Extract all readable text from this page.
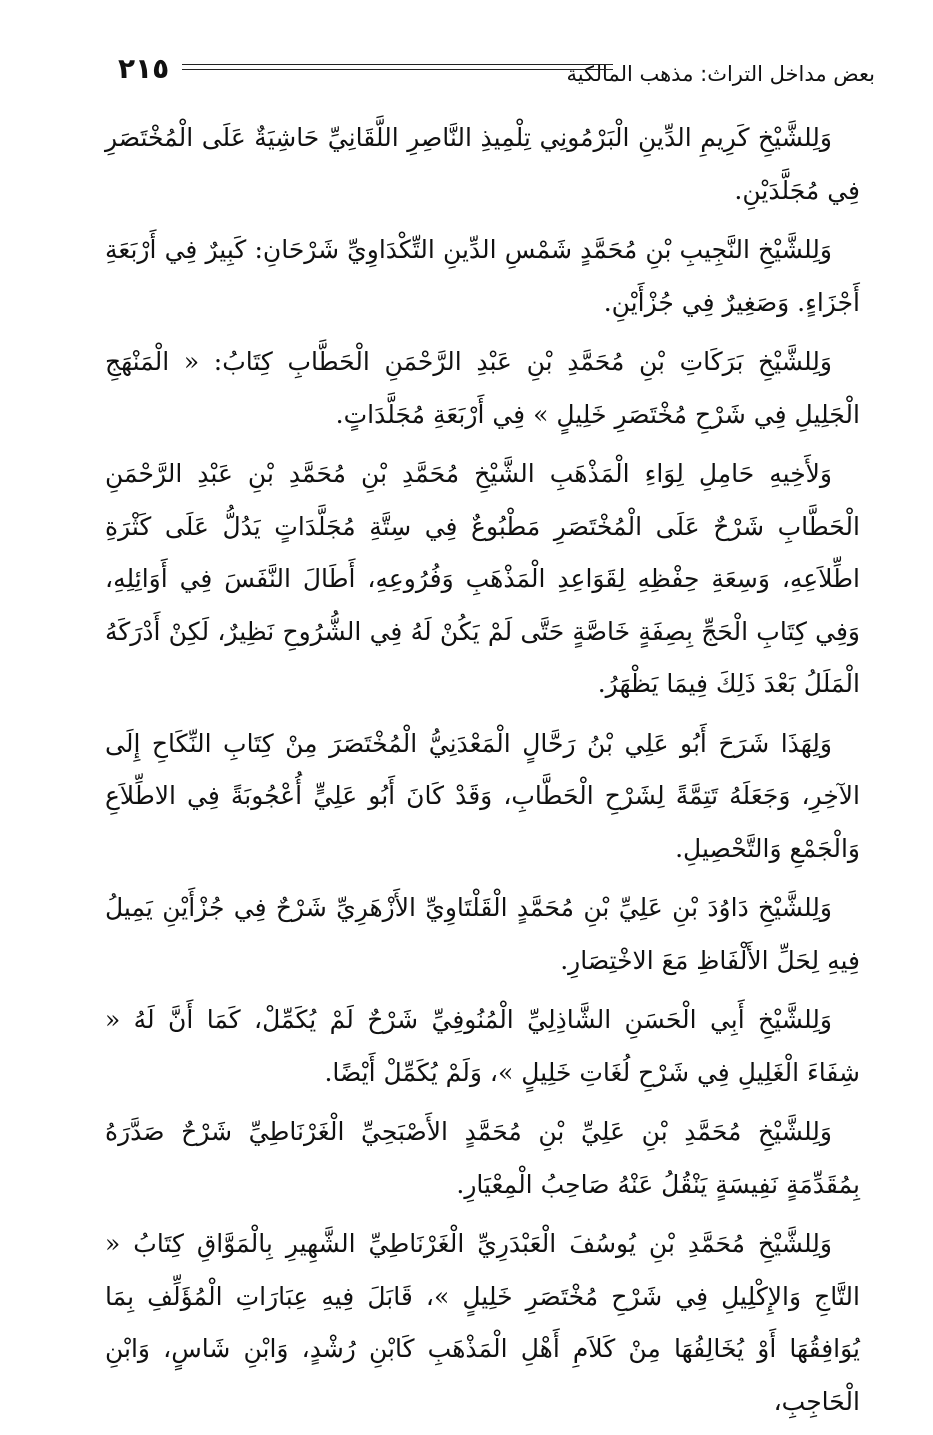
بعض مداخل التراث: مذهب المالكية
٢١٥

وَلِلشَّيْخِ كَرِيمِ الدِّينِ الْبَرْمُونِي تِلْمِيذِ النَّاصِرِ اللَّقَانِيِّ حَاشِيَةٌ عَلَى الْمُخْتَصَرِ فِي مُجَلَّدَيْنِ.

وَلِلشَّيْخِ النَّجِيبِ بْنِ مُحَمَّدٍ شَمْسِ الدِّينِ التِّكْدَاوِيِّ شَرْحَانِ: كَبِيرٌ فِي أَرْبَعَةِ أَجْزَاءٍ. وَصَغِيرٌ فِي جُزْأَيْنِ.

وَلِلشَّيْخِ بَرَكَاتِ بْنِ مُحَمَّدِ بْنِ عَبْدِ الرَّحْمَنِ الْحَطَّابِ كِتَابُ: « الْمَنْهَجِ الْجَلِيلِ فِي شَرْحِ مُخْتَصَرِ خَلِيلٍ » فِي أَرْبَعَةِ مُجَلَّدَاتٍ.

وَلأَخِيهِ حَامِلِ لِوَاءِ الْمَذْهَبِ الشَّيْخِ مُحَمَّدِ بْنِ مُحَمَّدِ بْنِ عَبْدِ الرَّحْمَنِ الْحَطَّابِ شَرْحٌ عَلَى الْمُخْتَصَرِ مَطْبُوعٌ فِي سِتَّةِ مُجَلَّدَاتٍ يَدُلُّ عَلَى كَثْرَةِ اطِّلاَعِهِ، وَسِعَةِ حِفْظِهِ لِقَوَاعِدِ الْمَذْهَبِ وَفُرُوعِهِ، أَطَالَ النَّفَسَ فِي أَوَائِلِهِ، وَفِي كِتَابِ الْحَجِّ بِصِفَةٍ خَاصَّةٍ حَتَّى لَمْ يَكُنْ لَهُ فِي الشُّرُوحِ نَظِيرٌ، لَكِنْ أَدْرَكَهُ الْمَلَلُ بَعْدَ ذَلِكَ فِيمَا يَظْهَرُ.

وَلِهَذَا شَرَحَ أَبُو عَلِي بْنُ رَحَّالٍ الْمَعْدَنِيُّ الْمُخْتَصَرَ مِنْ كِتَابِ النِّكَاحِ إِلَى الآخِرِ، وَجَعَلَهُ تَتِمَّةً لِشَرْحِ الْحَطَّابِ، وَقَدْ كَانَ أَبُو عَلِيٍّ أُعْجُوبَةً فِي الاطِّلاَعِ وَالْجَمْعِ وَالتَّحْصِيلِ.

وَلِلشَّيْخِ دَاوُدَ بْنِ عَلِيِّ بْنِ مُحَمَّدٍ الْقَلْتَاوِيِّ الأَزْهَرِيِّ شَرْحٌ فِي جُزْأَيْنِ يَمِيلُ فِيهِ لِحَلِّ الأَلْفَاظِ مَعَ الاخْتِصَارِ.

وَلِلشَّيْخِ أَبِي الْحَسَنِ الشَّاذِلِيِّ الْمُنُوفِيِّ شَرْحٌ لَمْ يُكَمِّلْ، كَمَا أَنَّ لَهُ « شِفَاءَ الْغَلِيلِ فِي شَرْحِ لُغَاتِ خَلِيلٍ »، وَلَمْ يُكَمِّلْ أَيْضًا.

وَلِلشَّيْخِ مُحَمَّدِ بْنِ عَلِيِّ بْنِ مُحَمَّدٍ الأَصْبَحِيِّ الْغَرْنَاطِيِّ شَرْحٌ صَدَّرَهُ بِمُقَدِّمَةٍ نَفِيسَةٍ يَنْقُلُ عَنْهُ صَاحِبُ الْمِعْيَارِ.

وَلِلشَّيْخِ مُحَمَّدِ بْنِ يُوسُفَ الْعَبْدَرِيِّ الْغَرْنَاطِيِّ الشَّهِيرِ بِالْمَوَّاقِ كِتَابُ « التَّاجِ وَالإِكْلِيلِ فِي شَرْحِ مُخْتَصَرِ خَلِيلٍ »، قَابَلَ فِيهِ عِبَارَاتِ الْمُؤَلِّفِ بِمَا يُوَافِقُهَا أَوْ يُخَالِفُهَا مِنْ كَلاَمِ أَهْلِ الْمَذْهَبِ كَابْنِ رُشْدٍ، وَابْنِ شَاسٍ، وَابْنِ الْحَاجِبِ،
